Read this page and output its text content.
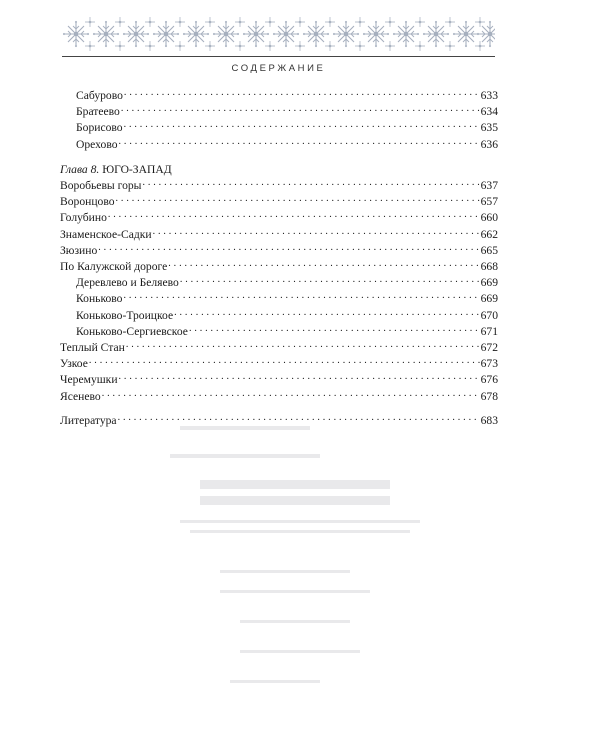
СОДЕРЖАНИЕ
Сабурово . . .	633
Братеево . . .	634
Борисово . . .	635
Орехово . . .	636
Глава 8. ЮГО-ЗАПАД
Воробьевы горы . . .	637
Воронцово . . .	657
Голубино . . .	660
Знаменское-Садки . . .	662
Зюзино . . .	665
По Калужской дороге . . .	668
Деревлево и Беляево . . .	669
Коньково . . .	669
Коньково-Троицкое . . .	670
Коньково-Сергиевское . . .	671
Теплый Стан . . .	672
Узкое . . .	673
Черемушки . . .	676
Ясенево . . .	678
Литература . . .	683
